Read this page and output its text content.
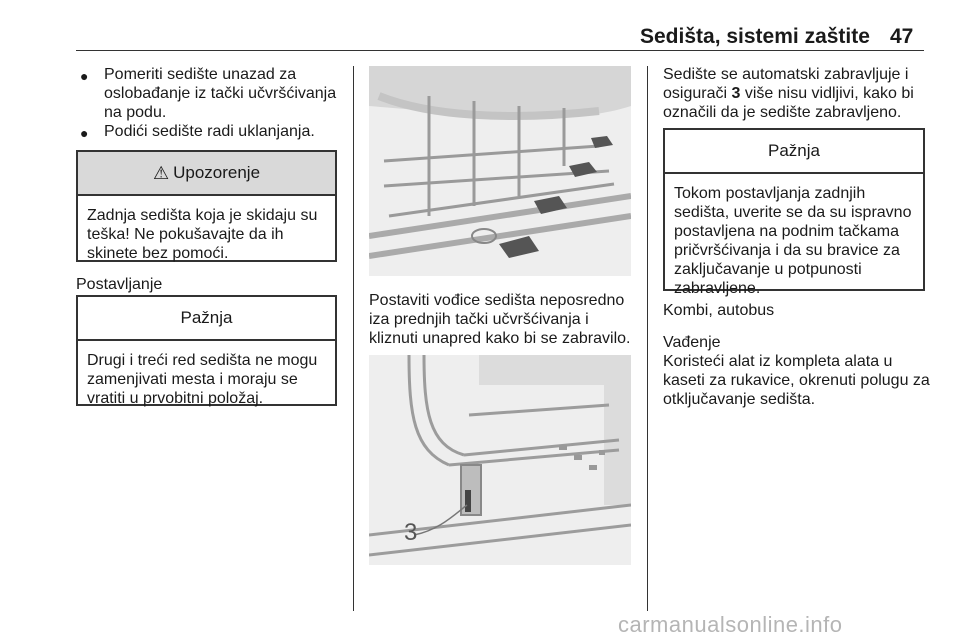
Sedišta, sistemi zaštite 47
● Pomeriti sedište unazad za oslobađanje iz tački učvršćivanja na podu.
● Podići sedište radi uklanjanja.
⚠ Upozorenje
Zadnja sedišta koja je skidaju su teška! Ne pokušavajte da ih skinete bez pomoći.
Postavljanje
Pažnja
Drugi i treći red sedišta ne mogu zamenjivati mesta i moraju se vratiti u prvobitni položaj.
Postaviti vođice sedišta neposredno iza prednjih tački učvršćivanja i kliznuti unapred kako bi se zabravilo.
3
Sedište se automatski zabravljuje i osigurači 3 više nisu vidljivi, kako bi označili da je sedište zabravljeno.
Pažnja
Tokom postavljanja zadnjih sedišta, uverite se da su ispravno postavljena na podnim tačkama pričvršćivanja i da su bravice za zaključavanje u potpunosti zabravljene.
Kombi, autobus
Vađenje
Koristeći alat iz kompleta alata u kaseti za rukavice, okrenuti polugu za otključavanje sedišta.
carmanualsonline.info
